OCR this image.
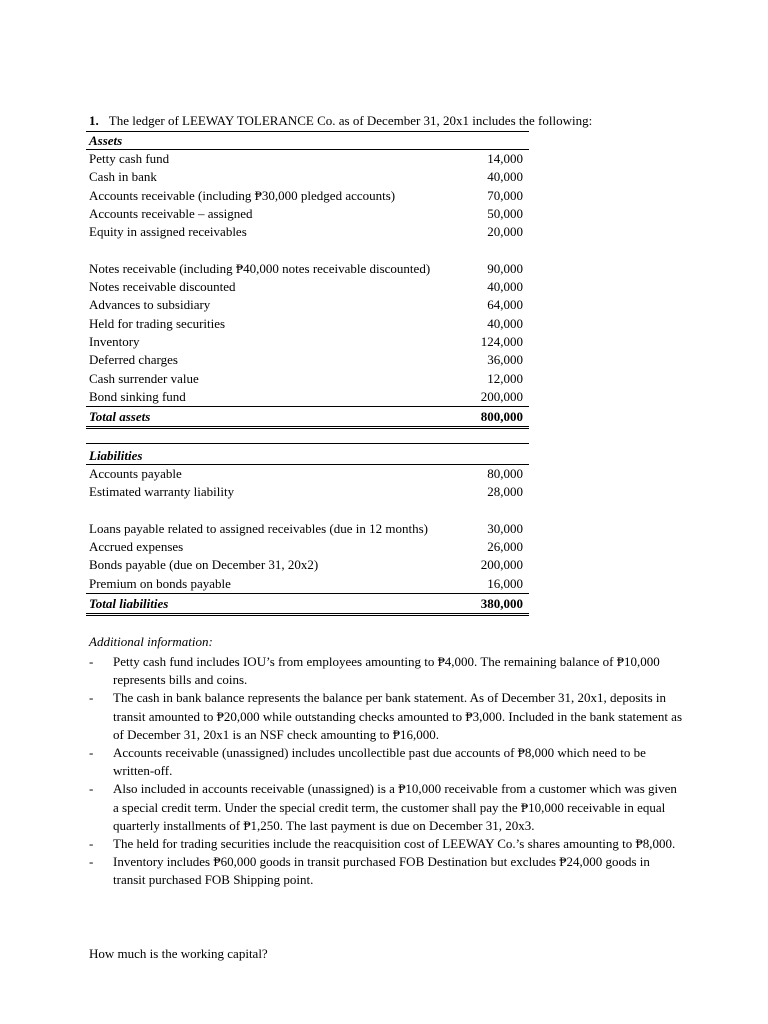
1. The ledger of LEEWAY TOLERANCE Co. as of December 31, 20x1 includes the following:
Assets
Petty cash fund	14,000
Cash in bank	40,000
Accounts receivable (including ₱30,000 pledged accounts)	70,000
Accounts receivable – assigned	50,000
Equity in assigned receivables	20,000
Notes receivable (including ₱40,000 notes receivable discounted)	90,000
Notes receivable discounted	40,000
Advances to subsidiary	64,000
Held for trading securities	40,000
Inventory	124,000
Deferred charges	36,000
Cash surrender value	12,000
Bond sinking fund	200,000
Total assets	800,000
Liabilities
Accounts payable	80,000
Estimated warranty liability	28,000
Loans payable related to assigned receivables (due in 12 months)	30,000
Accrued expenses	26,000
Bonds payable (due on December 31, 20x2)	200,000
Premium on bonds payable	16,000
Total liabilities	380,000
Additional information:
- Petty cash fund includes IOU’s from employees amounting to ₱4,000. The remaining balance of ₱10,000 represents bills and coins.
- The cash in bank balance represents the balance per bank statement. As of December 31, 20x1, deposits in transit amounted to ₱20,000 while outstanding checks amounted to ₱3,000. Included in the bank statement as of December 31, 20x1 is an NSF check amounting to ₱16,000.
- Accounts receivable (unassigned) includes uncollectible past due accounts of ₱8,000 which need to be written-off.
- Also included in accounts receivable (unassigned) is a ₱10,000 receivable from a customer which was given a special credit term. Under the special credit term, the customer shall pay the ₱10,000 receivable in equal quarterly installments of ₱1,250. The last payment is due on December 31, 20x3.
- The held for trading securities include the reacquisition cost of LEEWAY Co.’s shares amounting to ₱8,000.
- Inventory includes ₱60,000 goods in transit purchased FOB Destination but excludes ₱24,000 goods in transit purchased FOB Shipping point.
How much is the working capital?
